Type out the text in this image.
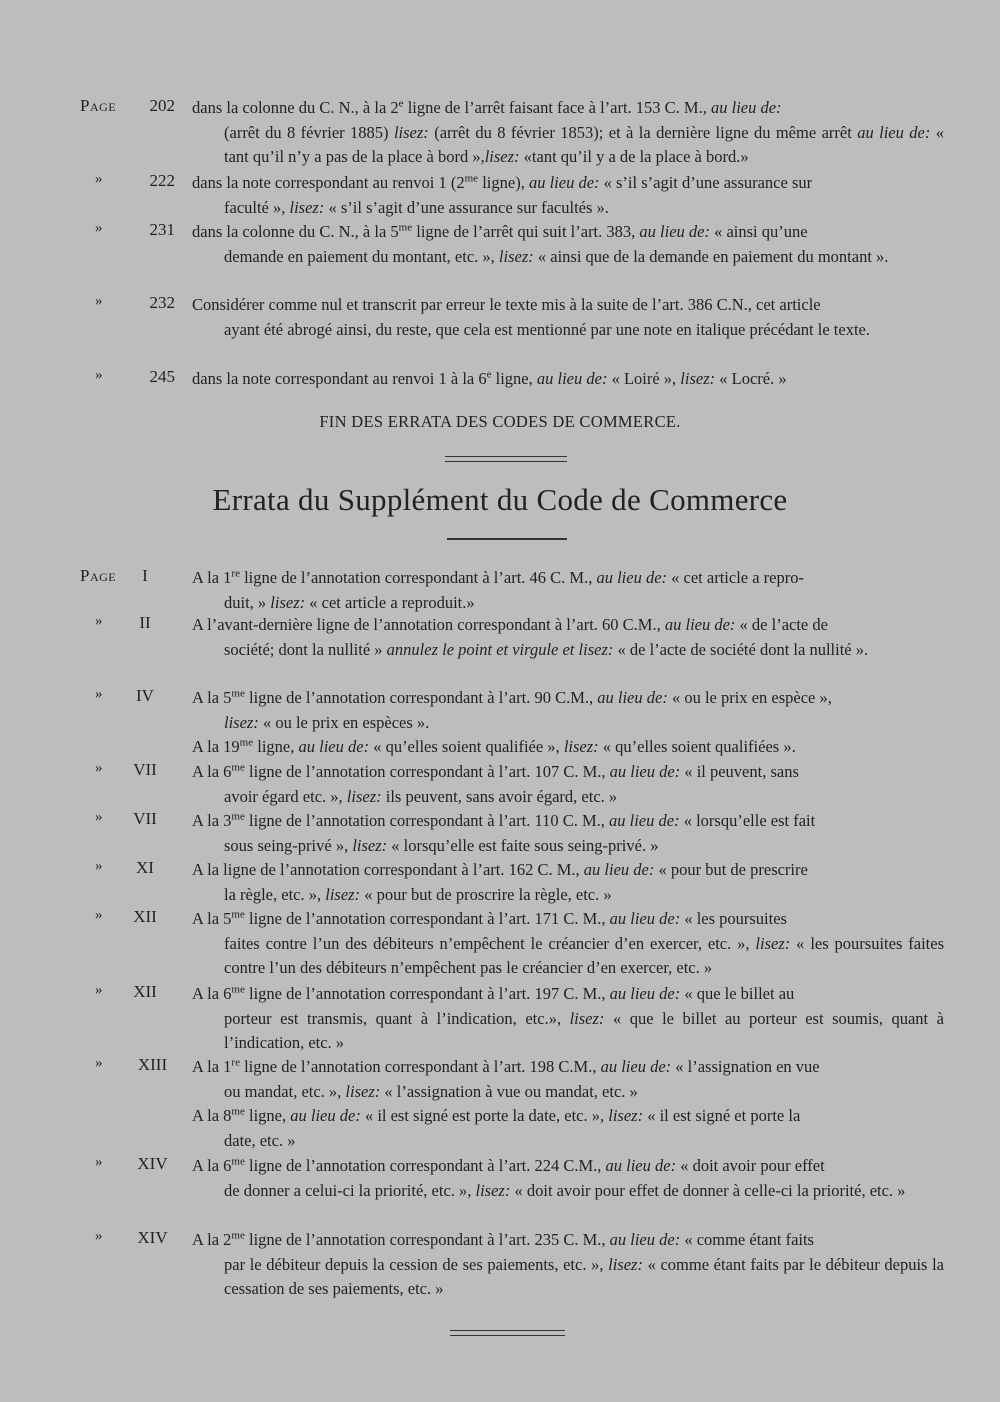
Page	202 dans la colonne du C. N., à la 2e ligne de l’arrêt faisant face à l’art. 153 C. M., au lieu de:
(arrêt du 8 février 1885) lisez: (arrêt du 8 février 1853); et à la dernière ligne du même arrêt au lieu de: « tant qu’il n’y a pas de la place à bord »,lisez: «tant qu’il y a de la place à bord.»
»	222 dans la note correspondant au renvoi 1 ($2^{me}$ ligne), au lieu de: « s’il s’agit d’une assurance sur
faculté », lisez: « s’il s’agit d’une assurance sur facultés ».
»	231 dans la colonne du C. N., à la $5^{me}$ ligne de l’arrêt qui suit l’art. 383, au lieu de: « ainsi qu’une
demande en paiement du montant, etc. », lisez: « ainsi que de la demande en paiement du montant ».
»	232 Considérer comme nul et transcrit par erreur le texte mis à la suite de l’art. 386 C.N., cet article
ayant été abrogé ainsi, du reste, que cela est mentionné par une note en italique précédant le texte.
»	245 dans la note correspondant au renvoi 1 à la 6e ligne, au lieu de: « Loiré », lisez: « Locré. »
FIN DES ERRATA DES CODES DE COMMERCE.
Errata du Supplément du Code de Commerce
Page	I	A la 1re ligne de l’annotation correspondant à l’art. 46 C. M., au lieu de: « cet article a repro-
duit, » lisez: « cet article a reproduit.»
»	II	A l’avant-dernière ligne de l’annotation correspondant à l’art. 60 C.M., au lieu de: « de l’acte de
société; dont la nullité » annulez le point et virgule et lisez: « de l’acte de société dont la nullité ».
»	IV	A la $5^{me}$ ligne de l’annotation correspondant à l’art. 90 C.M., au lieu de: « ou le prix en espèce »,
lisez: « ou le prix en espèces ».
A la $19^{me}$ ligne, au lieu de: « qu’elles soient qualifiée », lisez: « qu’elles soient qualifiées ».
»	VII	A la $6^{me}$ ligne de l’annotation correspondant à l’art. 107 C. M., au lieu de: « il peuvent, sans
avoir égard etc. », lisez: ils peuvent, sans avoir égard, etc. »
»	VII	A la $3^{me}$ ligne de l’annotation correspondant à l’art. 110 C. M., au lieu de: « lorsqu’elle est fait
sous seing-privé », lisez: « lorsqu’elle est faite sous seing-privé. »
»	XI	A la ligne de l’annotation correspondant à l’art. 162 C. M., au lieu de: « pour but de prescrire
la règle, etc. », lisez: « pour but de proscrire la règle, etc. »
»	XII	A la $5^{me}$ ligne de l’annotation correspondant à l’art. 171 C. M., au lieu de: « les poursuites
faites contre l’un des débiteurs n’empêchent le créancier d’en exercer, etc. », lisez: « les poursuites faites contre l’un des débiteurs n’empêchent pas le créancier d’en exercer, etc. »
»	XII	A la $6^{me}$ ligne de l’annotation correspondant à l’art. 197 C. M., au lieu de: « que le billet au
porteur est transmis, quant à l’indication, etc.», lisez: « que le billet au porteur est soumis, quant à l’indication, etc. »
»	XIII	A la 1re ligne de l’annotation correspondant à l’art. 198 C.M., au lieu de: « l’assignation en vue
ou mandat, etc. », lisez: « l’assignation à vue ou mandat, etc. »
A la $8^{me}$ ligne, au lieu de: « il est signé est porte la date, etc. », lisez: « il est signé et porte la
date, etc. »
»	XIV	A la $6^{me}$ ligne de l’annotation correspondant à l’art. 224 C.M., au lieu de: « doit avoir pour effet
de donner a celui-ci la priorité, etc. », lisez: « doit avoir pour effet de donner à celle-ci la priorité, etc. »
»	XIV	A la $2^{me}$ ligne de l’annotation correspondant à l’art. 235 C. M., au lieu de: « comme étant faits
par le débiteur depuis la cession de ses paiements, etc. », lisez: « comme étant faits par le débiteur depuis la cessation de ses paiements, etc. »
